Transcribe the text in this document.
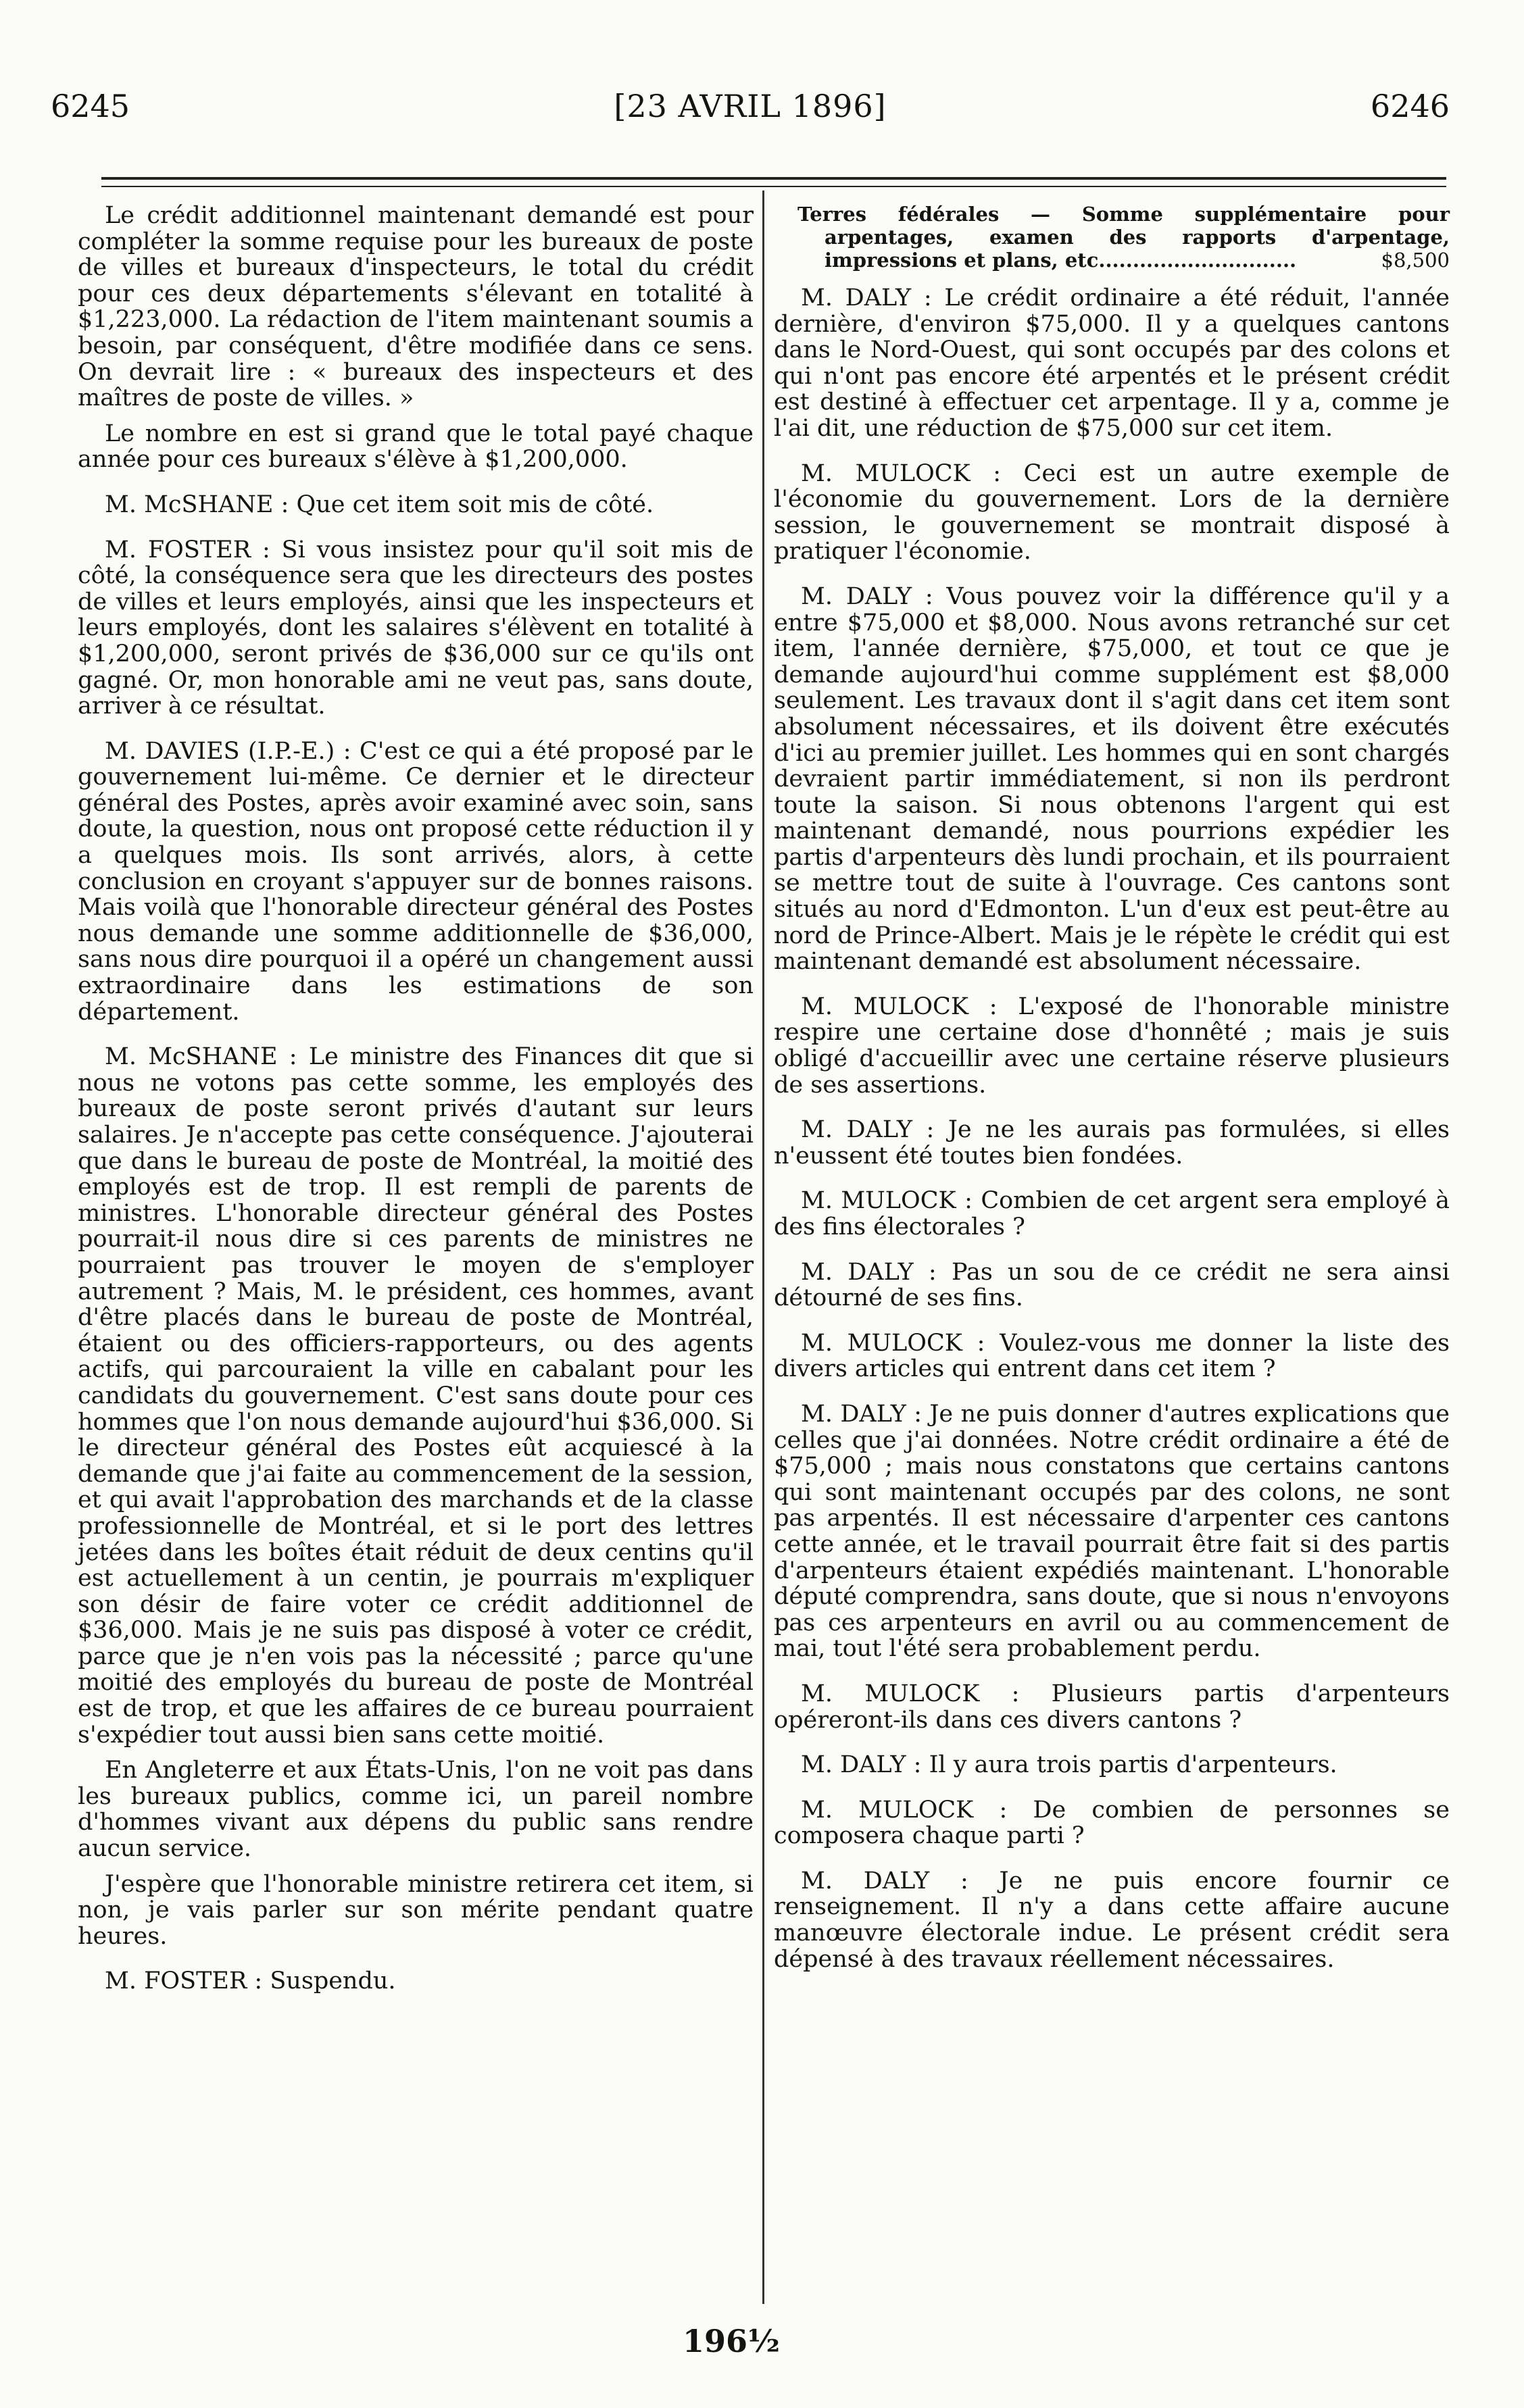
6245	[23 AVRIL 1896]	6246

Le crédit additionnel maintenant demandé est pour compléter la somme requise pour les bureaux de poste de villes et bureaux d'inspecteurs, le total du crédit pour ces deux départements s'élevant en totalité à $1,223,000. La rédaction de l'item maintenant soumis a besoin, par conséquent, d'être modifiée dans ce sens. On devrait lire : « bureaux des inspecteurs et des maîtres de poste de villes. »

Le nombre en est si grand que le total payé chaque année pour ces bureaux s'élève à $1,200,000.

M. McSHANE : Que cet item soit mis de côté.

M. FOSTER : Si vous insistez pour qu'il soit mis de côté, la conséquence sera que les directeurs des postes de villes et leurs employés, ainsi que les inspecteurs et leurs employés, dont les salaires s'élèvent en totalité à $1,200,000, seront privés de $36,000 sur ce qu'ils ont gagné. Or, mon honorable ami ne veut pas, sans doute, arriver à ce résultat.

M. DAVIES (I.P.-E.) : C'est ce qui a été proposé par le gouvernement lui-même. Ce dernier et le directeur général des Postes, après avoir examiné avec soin, sans doute, la question, nous ont proposé cette réduction il y a quelques mois. Ils sont arrivés, alors, à cette conclusion en croyant s'appuyer sur de bonnes raisons. Mais voilà que l'honorable directeur général des Postes nous demande une somme additionnelle de $36,000, sans nous dire pourquoi il a opéré un changement aussi extraordinaire dans les estimations de son département.

M. McSHANE : Le ministre des Finances dit que si nous ne votons pas cette somme, les employés des bureaux de poste seront privés d'autant sur leurs salaires. Je n'accepte pas cette conséquence. J'ajouterai que dans le bureau de poste de Montréal, la moitié des employés est de trop. Il est rempli de parents de ministres. L'honorable directeur général des Postes pourrait-il nous dire si ces parents de ministres ne pourraient pas trouver le moyen de s'employer autrement ? Mais, M. le président, ces hommes, avant d'être placés dans le bureau de poste de Montréal, étaient ou des officiers-rapporteurs, ou des agents actifs, qui parcouraient la ville en cabalant pour les candidats du gouvernement. C'est sans doute pour ces hommes que l'on nous demande aujourd'hui $36,000. Si le directeur général des Postes eût acquiescé à la demande que j'ai faite au commencement de la session, et qui avait l'approbation des marchands et de la classe professionnelle de Montréal, et si le port des lettres jetées dans les boîtes était réduit de deux centins qu'il est actuellement à un centin, je pourrais m'expliquer son désir de faire voter ce crédit additionnel de $36,000. Mais je ne suis pas disposé à voter ce crédit, parce que je n'en vois pas la nécessité ; parce qu'une moitié des employés du bureau de poste de Montréal est de trop, et que les affaires de ce bureau pourraient s'expédier tout aussi bien sans cette moitié.

En Angleterre et aux États-Unis, l'on ne voit pas dans les bureaux publics, comme ici, un pareil nombre d'hommes vivant aux dépens du public sans rendre aucun service.

J'espère que l'honorable ministre retirera cet item, si non, je vais parler sur son mérite pendant quatre heures.

M. FOSTER : Suspendu.

Terres fédérales — Somme supplémentaire pour arpentages, examen des rapports d'arpentage, impressions et plans, etc.............................	$8,500

M. DALY : Le crédit ordinaire a été réduit, l'année dernière, d'environ $75,000. Il y a quelques cantons dans le Nord-Ouest, qui sont occupés par des colons et qui n'ont pas encore été arpentés et le présent crédit est destiné à effectuer cet arpentage. Il y a, comme je l'ai dit, une réduction de $75,000 sur cet item.

M. MULOCK : Ceci est un autre exemple de l'économie du gouvernement. Lors de la dernière session, le gouvernement se montrait disposé à pratiquer l'économie.

M. DALY : Vous pouvez voir la différence qu'il y a entre $75,000 et $8,000. Nous avons retranché sur cet item, l'année dernière, $75,000, et tout ce que je demande aujourd'hui comme supplément est $8,000 seulement. Les travaux dont il s'agit dans cet item sont absolument nécessaires, et ils doivent être exécutés d'ici au premier juillet. Les hommes qui en sont chargés devraient partir immédiatement, si non ils perdront toute la saison. Si nous obtenons l'argent qui est maintenant demandé, nous pourrions expédier les partis d'arpenteurs dès lundi prochain, et ils pourraient se mettre tout de suite à l'ouvrage. Ces cantons sont situés au nord d'Edmonton. L'un d'eux est peut-être au nord de Prince-Albert. Mais je le répète le crédit qui est maintenant demandé est absolument nécessaire.

M. MULOCK : L'exposé de l'honorable ministre respire une certaine dose d'honnêté ; mais je suis obligé d'accueillir avec une certaine réserve plusieurs de ses assertions.

M. DALY : Je ne les aurais pas formulées, si elles n'eussent été toutes bien fondées.

M. MULOCK : Combien de cet argent sera employé à des fins électorales ?

M. DALY : Pas un sou de ce crédit ne sera ainsi détourné de ses fins.

M. MULOCK : Voulez-vous me donner la liste des divers articles qui entrent dans cet item ?

M. DALY : Je ne puis donner d'autres explications que celles que j'ai données. Notre crédit ordinaire a été de $75,000 ; mais nous constatons que certains cantons qui sont maintenant occupés par des colons, ne sont pas arpentés. Il est nécessaire d'arpenter ces cantons cette année, et le travail pourrait être fait si des partis d'arpenteurs étaient expédiés maintenant. L'honorable député comprendra, sans doute, que si nous n'envoyons pas ces arpenteurs en avril ou au commencement de mai, tout l'été sera probablement perdu.

M. MULOCK : Plusieurs partis d'arpenteurs opéreront-ils dans ces divers cantons ?

M. DALY : Il y aura trois partis d'arpenteurs.

M. MULOCK : De combien de personnes se composera chaque parti ?

M. DALY : Je ne puis encore fournir ce renseignement. Il n'y a dans cette affaire aucune manœuvre électorale indue. Le présent crédit sera dépensé à des travaux réellement nécessaires.

196½
